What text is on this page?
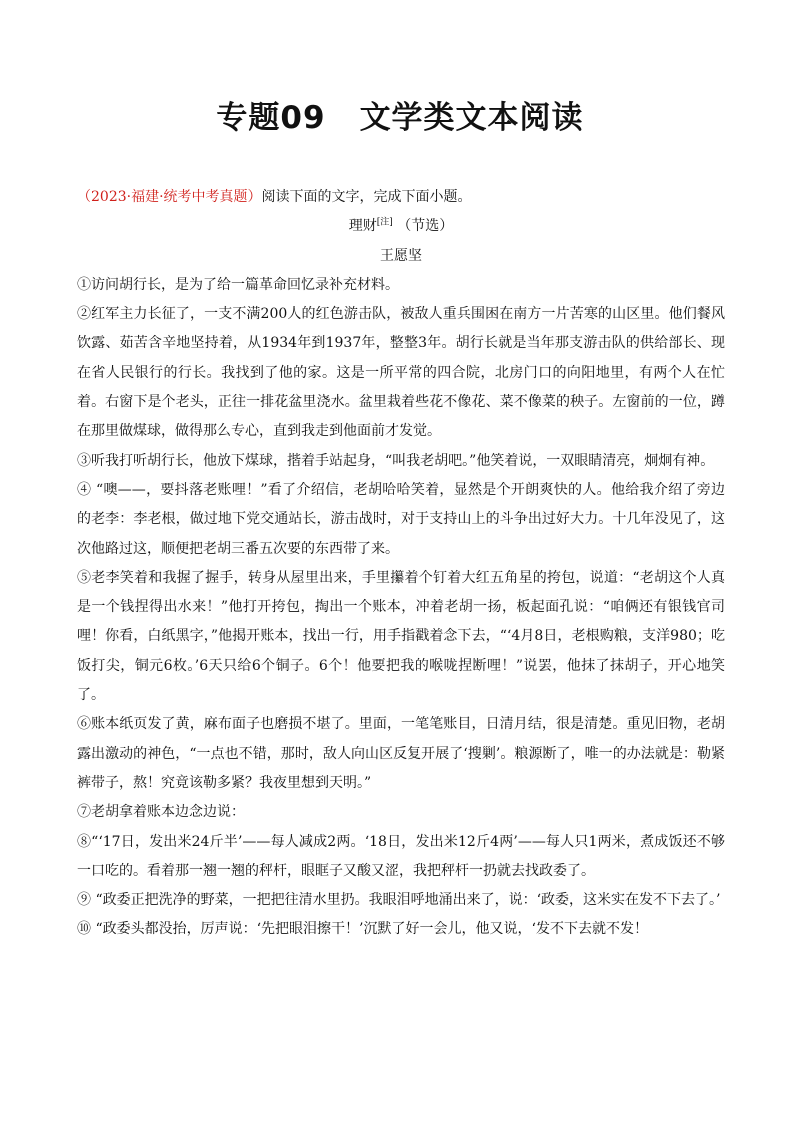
专题09 文学类文本阅读

（2023·福建·统考中考真题）阅读下面的文字，完成下面小题。

理财[注] （节选）

王愿坚

①访问胡行长，是为了给一篇革命回忆录补充材料。

②红军主力长征了，一支不满200人的红色游击队，被敌人重兵围困在南方一片苦寒的山区里。他们餐风饮露、茹苦含辛地坚持着，从1934年到1937年，整整3年。胡行长就是当年那支游击队的供给部长、现在省人民银行的行长。我找到了他的家。这是一所平常的四合院，北房门口的向阳地里，有两个人在忙着。右窗下是个老头，正往一排花盆里浇水。盆里栽着些花不像花、菜不像菜的秧子。左窗前的一位，蹲在那里做煤球，做得那么专心，直到我走到他面前才发觉。

③听我打听胡行长，他放下煤球，揩着手站起身，“叫我老胡吧。”他笑着说，一双眼睛清亮，炯炯有神。

④ “噢——，要抖落老账哩！”看了介绍信，老胡哈哈笑着，显然是个开朗爽快的人。他给我介绍了旁边的老李：李老根，做过地下党交通站长，游击战时，对于支持山上的斗争出过好大力。十几年没见了，这次他路过这，顺便把老胡三番五次要的东西带了来。

⑤老李笑着和我握了握手，转身从屋里出来，手里攥着个钉着大红五角星的挎包，说道：“老胡这个人真是一个钱捏得出水来！”他打开挎包，掏出一个账本，冲着老胡一扬，板起面孔说：“咱俩还有银钱官司哩！你看，白纸黑字，”他揭开账本，找出一行，用手指戳着念下去，“‘4月8日，老根购粮，支洋980；吃饭打尖，铜元6枚。’6天只给6个铜子。6个！他要把我的喉咙捏断哩！”说罢，他抹了抹胡子，开心地笑了。

⑥账本纸页发了黄，麻布面子也磨损不堪了。里面，一笔笔账目，日清月结，很是清楚。重见旧物，老胡露出激动的神色，“一点也不错，那时，敌人向山区反复开展了‘搜剿’。粮源断了，唯一的办法就是：勒紧裤带子，熬！究竟该勒多紧？我夜里想到天明。”

⑦老胡拿着账本边念边说：

⑧“‘17日，发出米24斤半’——每人减成2两。‘18日，发出米12斤4两’——每人只1两米，煮成饭还不够一口吃的。看着那一翘一翘的秤杆，眼眶子又酸又涩，我把秤杆一扔就去找政委了。

⑨ “政委正把洗净的野菜，一把把往清水里扔。我眼泪呼地涌出来了，说：‘政委，这米实在发不下去了。’

⑩ “政委头都没抬，厉声说：‘先把眼泪擦干！’沉默了好一会儿，他又说，‘发不下去就不发！
